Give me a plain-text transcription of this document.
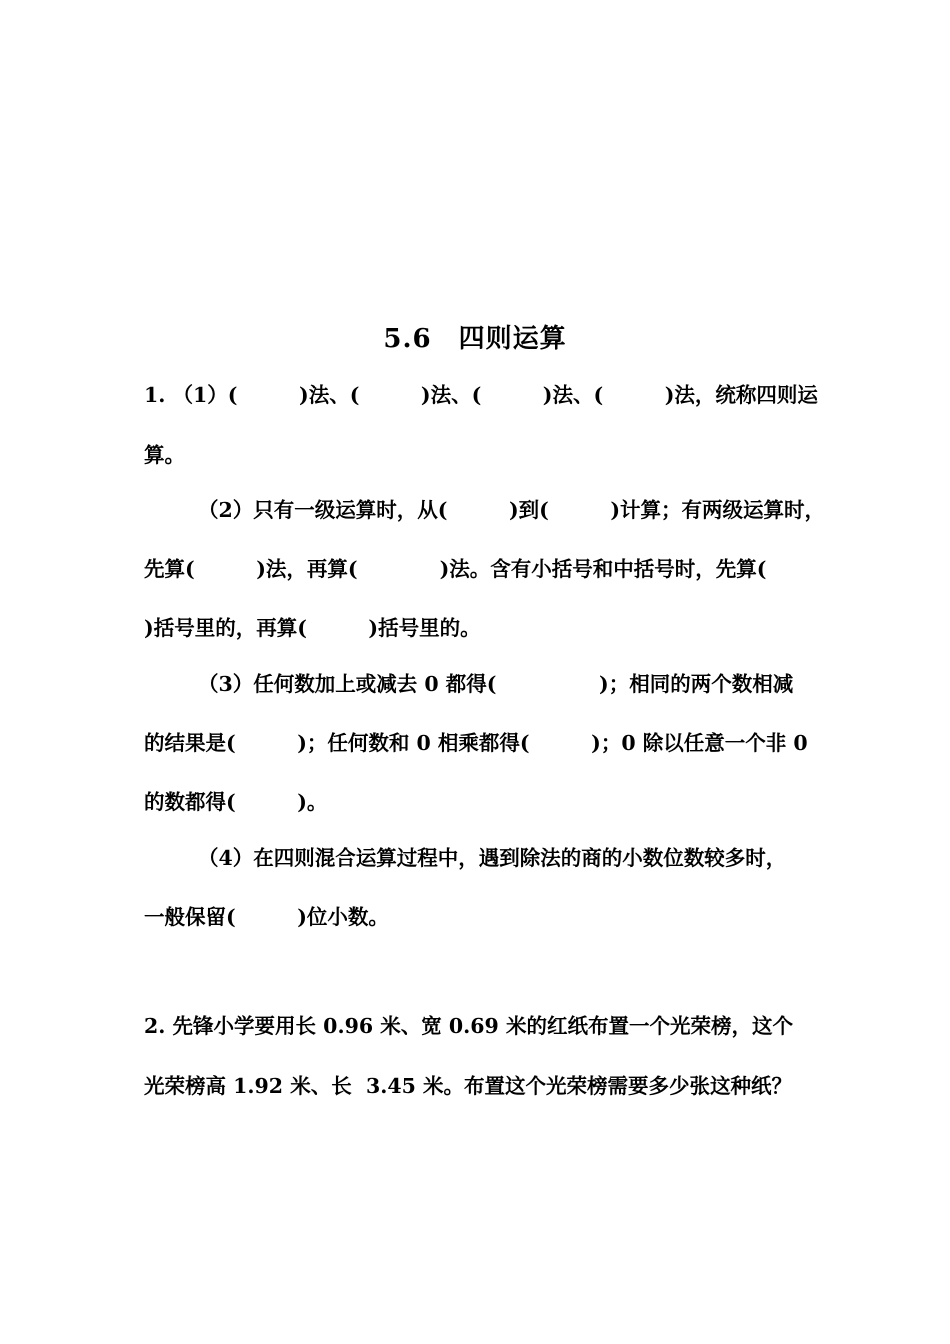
5.6　四则运算
1. （1）(　　　)法、(　　　)法、(　　　)法、(　　　)法，统称四则运
算。
（2）只有一级运算时，从(　　　)到(　　　)计算；有两级运算时，
先算(　　　)法，再算(　　　　)法。含有小括号和中括号时，先算(
)括号里的，再算(　　　)括号里的。
（3）任何数加上或减去 0 都得(　　　　　)；相同的两个数相减
的结果是(　　　)；任何数和 0 相乘都得(　　　)；0 除以任意一个非 0
的数都得(　　　)。
（4）在四则混合运算过程中，遇到除法的商的小数位数较多时，
一般保留(　　　)位小数。
2. 先锋小学要用长 0.96 米、宽 0.69 米的红纸布置一个光荣榜，这个
光荣榜高 1.92 米、长  3.45 米。布置这个光荣榜需要多少张这种纸？
